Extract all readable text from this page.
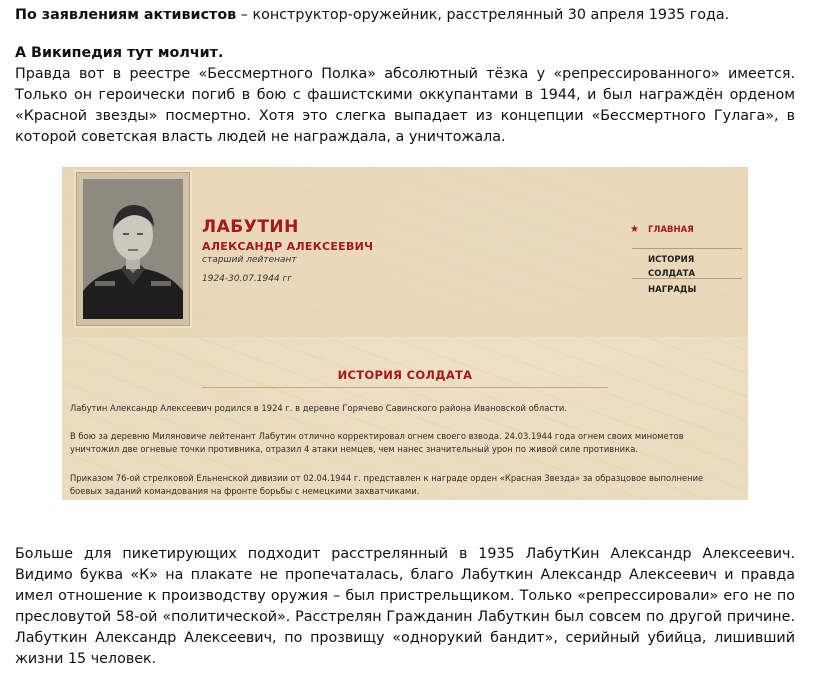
По заявлениям активистов – конструктор-оружейник, расстрелянный 30 апреля 1935 года.
А Википедия тут молчит.
Правда вот в реестре «Бессмертного Полка» абсолютный тёзка у «репрессированного» имеется. Только он героически погиб в бою с фашистскими оккупантами в 1944, и был награждён орденом «Красной звезды» посмертно. Хотя это слегка выпадает из концепции «Бессмертного Гулага», в которой советская власть людей не награждала, а уничтожала.
ЛАБУТИН
АЛЕКСАНДР АЛЕКСЕЕВИЧ
старший лейтенант
1924-30.07.1944 гг
★ ГЛАВНАЯ
ИСТОРИЯ СОЛДАТА
НАГРАДЫ
ИСТОРИЯ СОЛДАТА
Лабутин Александр Алексеевич родился в 1924 г. в деревне Горячево Савинского района Ивановской области.
В бою за деревню Миляновиче лейтенант Лабутин отлично корректировал огнем своего взвода. 24.03.1944 года огнем своих минометов уничтожил две огневые точки противника, отразил 4 атаки немцев, чем нанес значительный урон по живой силе противника.
Приказом 76-ой стрелковой Ельненской дивизии от 02.04.1944 г. представлен к награде орден «Красная Звезда» за образцовое выполнение боевых заданий командования на фронте борьбы с немецкими захватчиками.
Больше для пикетирующих подходит расстрелянный в 1935 ЛабутКин Александр Алексеевич. Видимо буква «К» на плакате не пропечаталась, благо Лабуткин Александр Алексеевич и правда имел отношение к производству оружия – был пристрельщиком. Только «репрессировали» его не по пресловутой 58-ой «политической». Расстрелян Гражданин Лабуткин был совсем по другой причине. Лабуткин Александр Алексеевич, по прозвищу «однорукий бандит», серийный убийца, лишивший жизни 15 человек.
